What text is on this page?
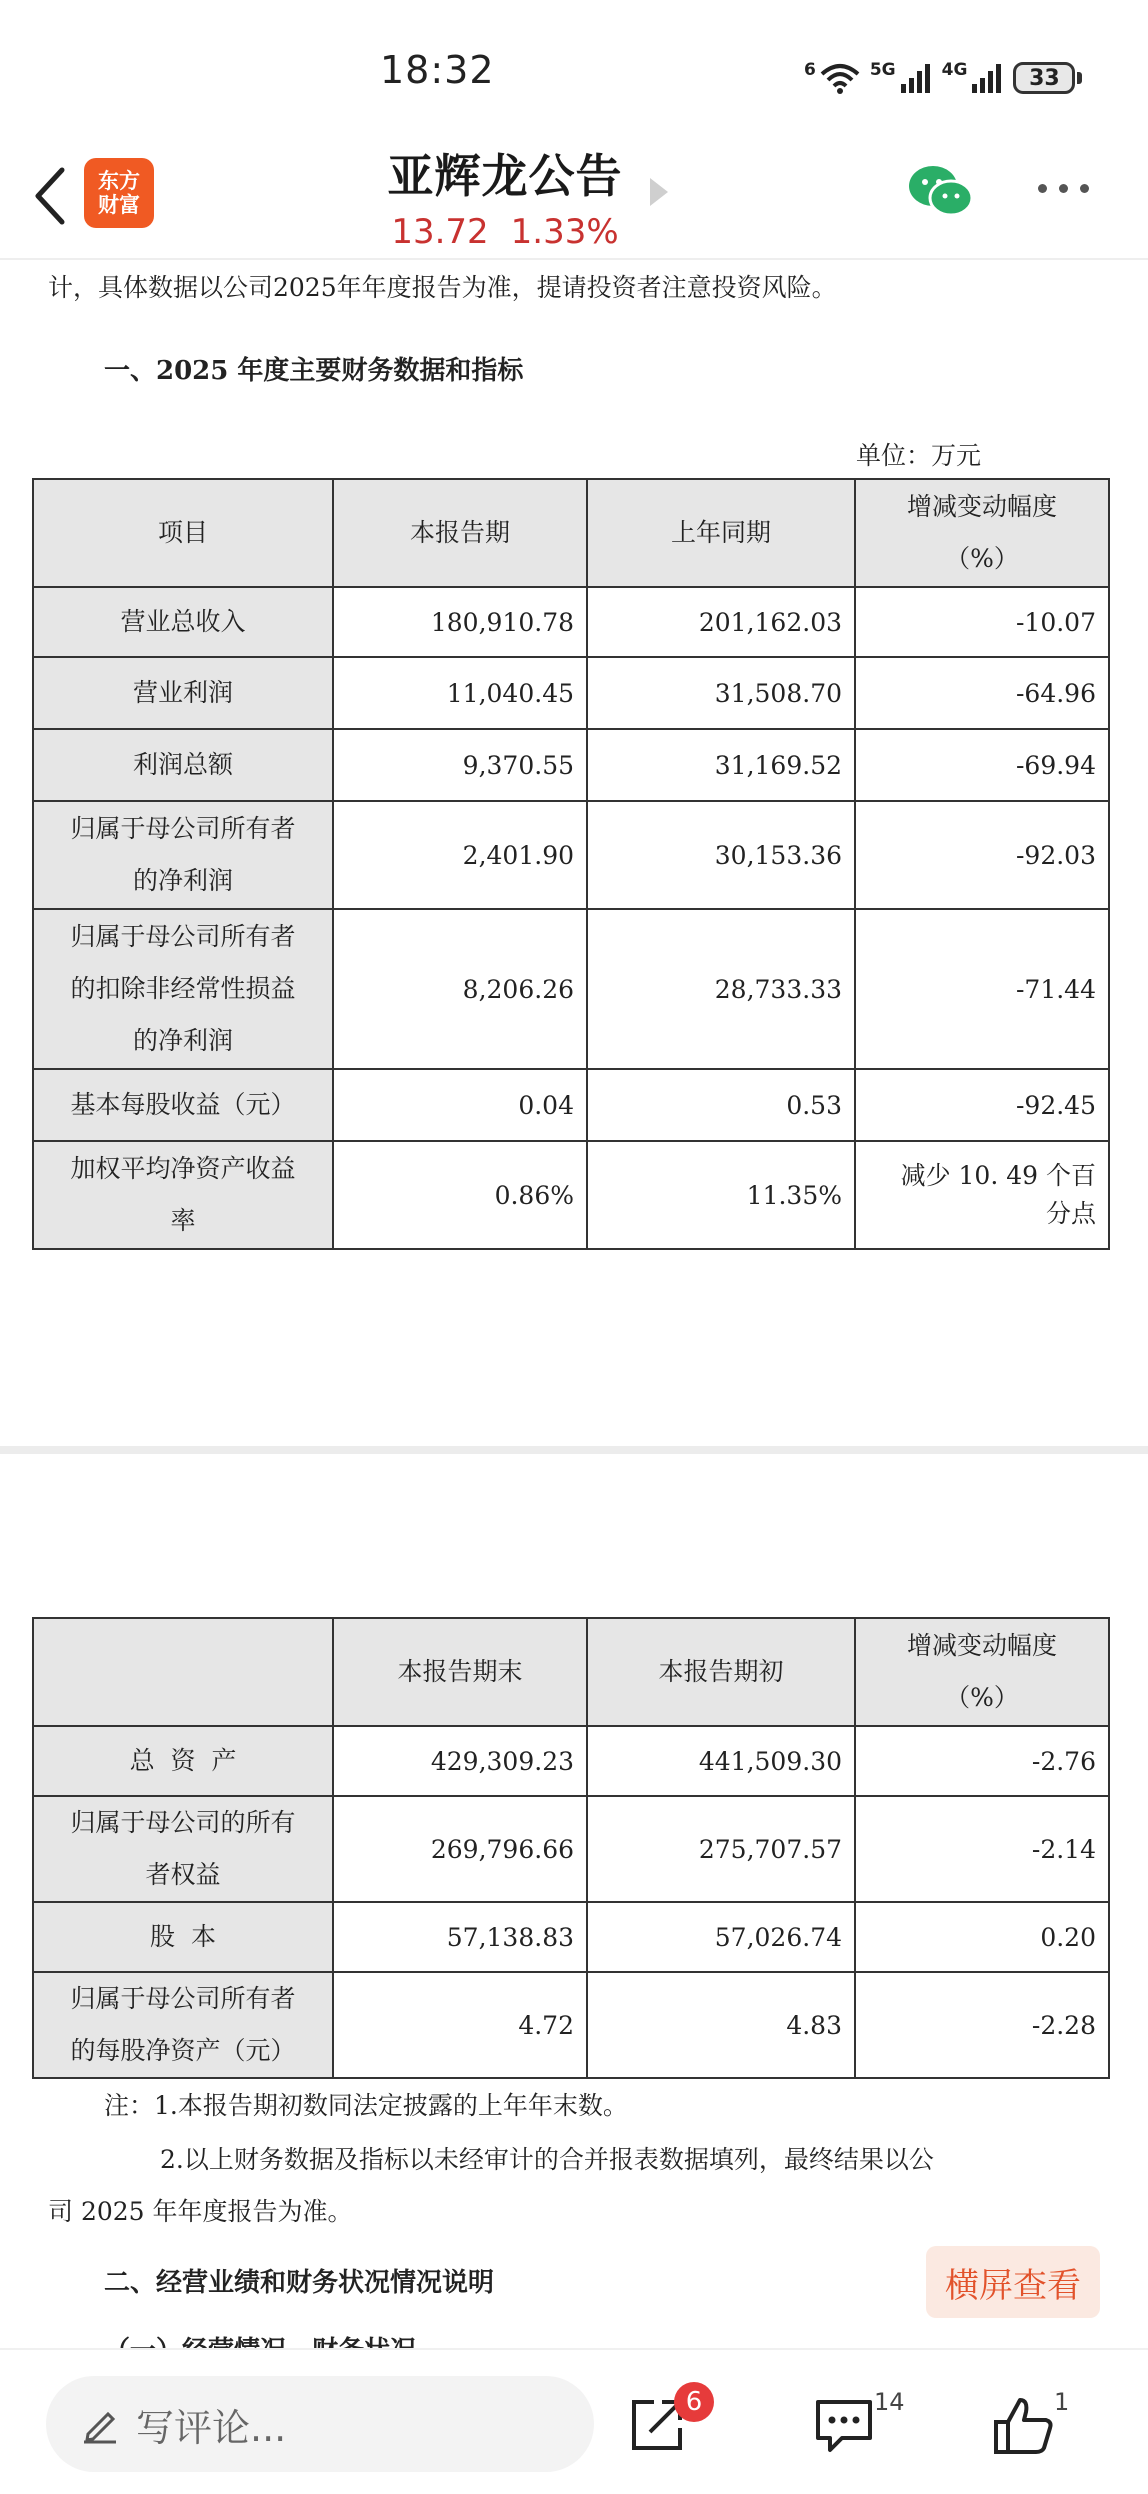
18:32	6	5G	4G	33
东方
财富
亚辉龙公告
13.72 1.33%
计，具体数据以公司2025年年度报告为准，提请投资者注意投资风险。
一、2025 年度主要财务数据和指标
单位：万元
项目	本报告期	上年同期	增减变动幅度
（%）
营业总收入	180,910.78	201,162.03	-10.07
营业利润	11,040.45	31,508.70	-64.96
利润总额	9,370.55	31,169.52	-69.94
归属于母公司所有者
的净利润	2,401.90	30,153.36	-92.03
归属于母公司所有者
的扣除非经常性损益
的净利润	8,206.26	28,733.33	-71.44
基本每股收益（元）	0.04	0.53	-92.45
加权平均净资产收益
率	0.86%	11.35%	减少 10. 49 个百
分点
	本报告期末	本报告期初	增减变动幅度
（%）
总  资  产	429,309.23	441,509.30	-2.76
归属于母公司的所有
者权益	269,796.66	275,707.57	-2.14
股  本	57,138.83	57,026.74	0.20
归属于母公司所有者
的每股净资产（元）	4.72	4.83	-2.28
注：1.本报告期初数同法定披露的上年年末数。
2.以上财务数据及指标以未经审计的合并报表数据填列，最终结果以公
司 2025 年年度报告为准。
二、经营业绩和财务状况情况说明	横屏查看
写评论...
6	14	1
